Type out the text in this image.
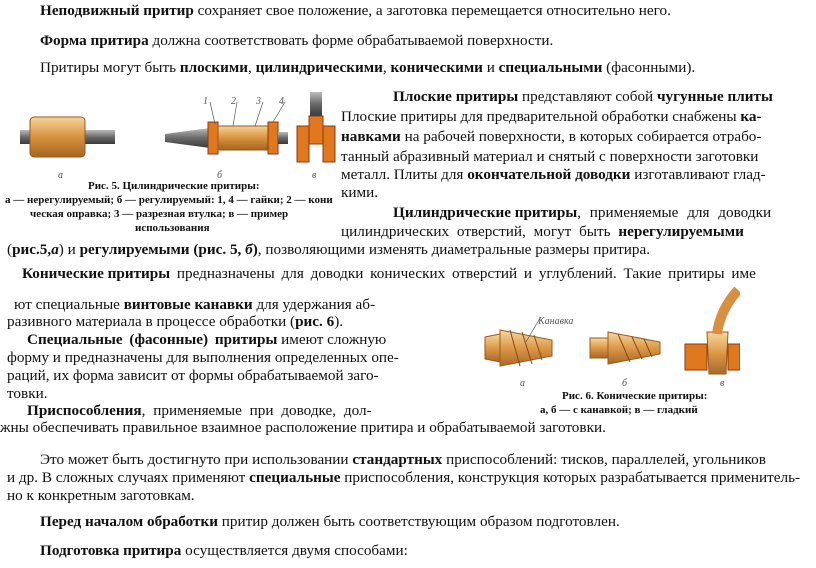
Неподвижный притир сохраняет свое положение, а заготовка перемещается относительно него.
Форма притира должна соответствовать форме обрабатываемой поверхности.
Притиры могут быть плоскими, цилиндрическими, коническими и специальными (фасонными).
1 2 3 4
а	б	в
Рис. 5. Цилиндрические притиры:
а — нерегулируемый; б — регулируемый: 1, 4 — гайки; 2 — кони
ческая оправка; 3 — разрезная втулка; в — пример
использования
Плоские притиры представляют собой чугунные плиты
Плоские притиры для предварительной обработки снабжены ка-
навками на рабочей поверхности, в которых собирается отрабо-
танный абразивный материал и снятый с поверхности заготовки
металл. Плиты для окончательной доводки изготавливают глад-
кими.
Цилиндрические притиры, применяемые для доводки
цилиндрических отверстий, могут быть нерегулируемыми
(рис.5,а) и регулируемыми (рис. 5, б), позволяющими изменять диаметральные размеры притира.
Конические притиры предназначены для доводки конических отверстий и углублений. Такие притиры име
ют специальные винтовые канавки для удержания аб-
разивного материала в процессе обработки (рис. 6).
Специальные (фасонные) притиры имеют сложную
форму и предназначены для выполнения определенных опе-
раций, их форма зависит от формы обрабатываемой заго-
товки.
Канавка
а	б	в
Рис. 6. Конические притиры:
а, б — с канавкой; в — гладкий
Приспособления, применяемые при доводке, дол-
жны обеспечивать правильное взаимное расположение притира и обрабатываемой заготовки.
Это может быть достигнуто при использовании стандартных приспособлений: тисков, параллелей, угольников
и др. В сложных случаях применяют специальные приспособления, конструкция которых разрабатывается применитель-
но к конкретным заготовкам.
Перед началом обработки притир должен быть соответствующим образом подготовлен.
Подготовка притира осуществляется двумя способами:
